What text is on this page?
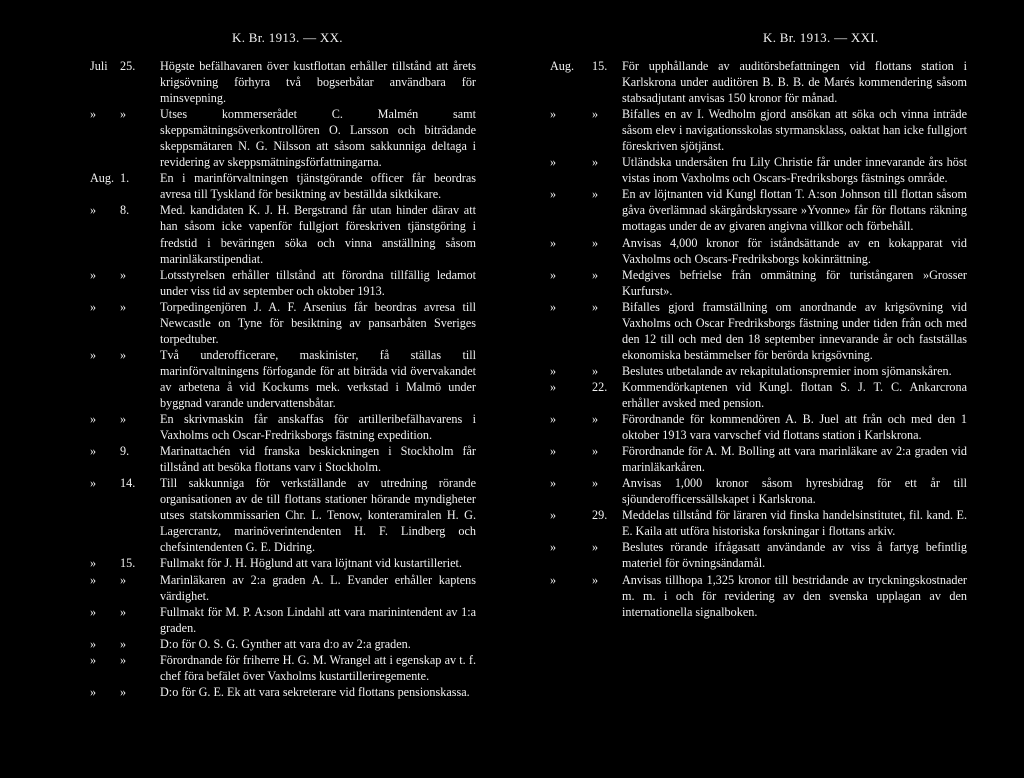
K. Br. 1913. — XX.
Juli 25.	Högste befälhavaren över kustflottan erhåller tillstånd att årets krigsövning förhyra två bogserbåtar användbara för minsvepning.
» »	Utses kommerserådet C. Malmén samt skeppsmätningsöverkontrollören O. Larsson och biträdande skeppsmätaren N. G. Nilsson att såsom sakkunniga deltaga i revidering av skeppsmätningsförfattningarna.
Aug. 1.	En i marinförvaltningen tjänstgörande officer får beordras avresa till Tyskland för besiktning av beställda siktkikare.
» 8.	Med. kandidaten K. J. H. Bergstrand får utan hinder därav att han såsom icke vapenför fullgjort föreskriven tjänstgöring i fredstid i beväringen söka och vinna anställning såsom marinläkarstipendiat.
» »	Lotsstyrelsen erhåller tillstånd att förordna tillfällig ledamot under viss tid av september och oktober 1913.
» »	Torpedingenjören J. A. F. Arsenius får beordras avresa till Newcastle on Tyne för besiktning av pansarbåten Sveriges torpedtuber.
» »	Två underofficerare, maskinister, få ställas till marinförvaltningens förfogande för att biträda vid övervakandet av arbetena å vid Kockums mek. verkstad i Malmö under byggnad varande undervattensbåtar.
» »	En skrivmaskin får anskaffas för artilleribefälhavarens i Vaxholms och Oscar-Fredriksborgs fästning expedition.
» 9.	Marinattachén vid franska beskickningen i Stockholm får tillstånd att besöka flottans varv i Stockholm.
» 14.	Till sakkunniga för verkställande av utredning rörande organisationen av de till flottans stationer hörande myndigheter utses statskommissarien Chr. L. Tenow, konteramiralen H. G. Lagercrantz, marinöverintendenten H. F. Lindberg och chefsintendenten G. E. Didring.
» 15.	Fullmakt för J. H. Höglund att vara löjtnant vid kustartilleriet.
» »	Marinläkaren av 2:a graden A. L. Evander erhåller kaptens värdighet.
» »	Fullmakt för M. P. A:son Lindahl att vara marinintendent av 1:a graden.
» »	D:o för O. S. G. Gynther att vara d:o av 2:a graden.
» »	Förordnande för friherre H. G. M. Wrangel att i egenskap av t. f. chef föra befälet över Vaxholms kustartilleriregemente.
» »	D:o för G. E. Ek att vara sekreterare vid flottans pensionskassa.
K. Br. 1913. — XXI.
Aug. 15.	För upphållande av auditörsbefattningen vid flottans station i Karlskrona under auditören B. B. B. de Marés kommendering såsom stabsadjutant anvisas 150 kronor för månad.
»	»	Bifalles en av I. Wedholm gjord ansökan att söka och vinna inträde såsom elev i navigationsskolas styrmansklass, oaktat han icke fullgjort föreskriven sjötjänst.
»	»	Utländska undersåten fru Lily Christie får under innevarande års höst vistas inom Vaxholms och Oscars-Fredriksborgs fästnings område.
»	»	En av löjtnanten vid Kungl flottan T. A:son Johnson till flottan såsom gåva överlämnad skärgårdskryssare »Yvonne» får för flottans räkning mottagas under de av givaren angivna villkor och förbehåll.
»	»	Anvisas 4,000 kronor för iståndsättande av en kokapparat vid Vaxholms och Oscars-Fredriksborgs kokinrättning.
»	»	Medgives befrielse från ommätning för turistångaren »Grosser Kurfurst».
»	»	Bifalles gjord framställning om anordnande av krigsövning vid Vaxholms och Oscar Fredriksborgs fästning under tiden från och med den 12 till och med den 18 september innevarande år och fastställas ekonomiska bestämmelser för berörda krigsövning.
»	»	Beslutes utbetalande av rekapitulationspremier inom sjömanskåren.
»	22.	Kommendörkaptenen vid Kungl. flottan S. J. T. C. Ankarcrona erhåller avsked med pension.
»	»	Förordnande för kommendören A. B. Juel att från och med den 1 oktober 1913 vara varvschef vid flottans station i Karlskrona.
»	»	Förordnande för A. M. Bolling att vara marinläkare av 2:a graden vid marinläkarkåren.
»	»	Anvisas 1,000 kronor såsom hyresbidrag för ett år till sjöunderofficerssällskapet i Karlskrona.
»	29.	Meddelas tillstånd för läraren vid finska handelsinstitutet, fil. kand. E. E. Kaila att utföra historiska forskningar i flottans arkiv.
»	»	Beslutes rörande ifrågasatt användande av viss å fartyg befintlig materiel för övningsändamål.
»	»	Anvisas tillhopa 1,325 kronor till bestridande av tryckningskostnader m. m. i och för revidering av den svenska upplagan av den internationella signalboken.
